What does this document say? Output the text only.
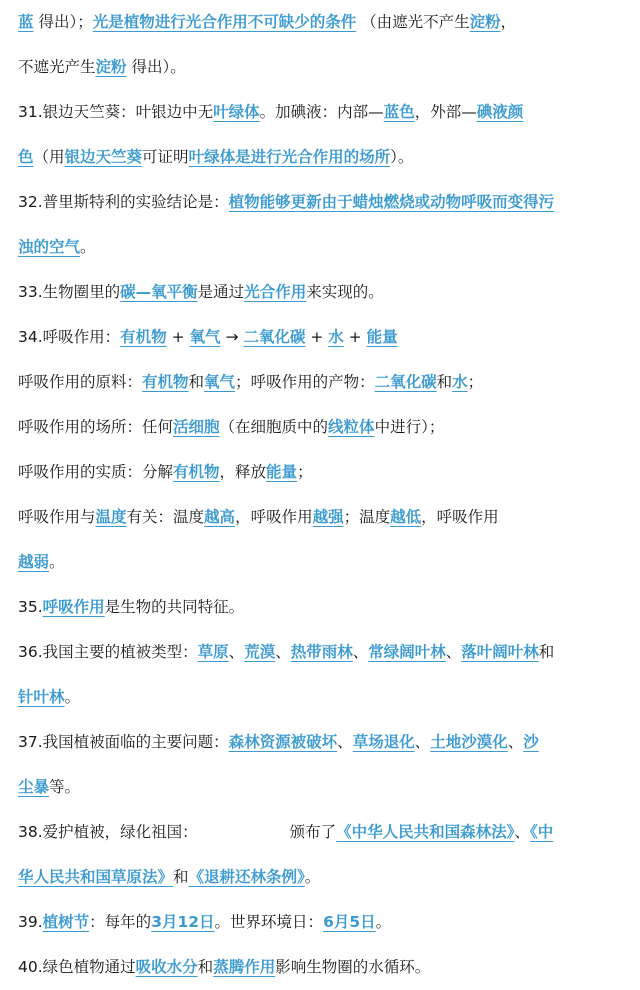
蓝 得出）；光是植物进行光合作用不可缺少的条件 （由遮光不产生淀粉，
不遮光产生淀粉 得出）。
31.银边天竺葵：叶银边中无叶绿体。加碘液：内部—蓝色，外部—碘液颜
色（用银边天竺葵可证明叶绿体是进行光合作用的场所）。
32.普里斯特利的实验结论是：植物能够更新由于蜡烛燃烧或动物呼吸而变得污
浊的空气。
33.生物圈里的碳—氧平衡是通过光合作用来实现的。
34.呼吸作用：有机物 + 氧气 → 二氧化碳 + 水 + 能量
呼吸作用的原料：有机物和氧气；呼吸作用的产物：二氧化碳和水；
呼吸作用的场所：任何活细胞（在细胞质中的线粒体中进行）；
呼吸作用的实质：分解有机物，释放能量；
呼吸作用与温度有关：温度越高，呼吸作用越强；温度越低，呼吸作用
越弱。
35.呼吸作用是生物的共同特征。
36.我国主要的植被类型：草原、荒漠、热带雨林、常绿阔叶林、落叶阔叶林和
针叶林。
37.我国植被面临的主要问题：森林资源被破坏、草场退化、土地沙漠化、沙
尘暴等。
38.爱护植被，绿化祖国：	颁布了《中华人民共和国森林法》、《中
华人民共和国草原法》和《退耕还林条例》。
39.植树节：每年的3月12日。世界环境日：6月5日。
40.绿色植物通过吸收水分和蒸腾作用影响生物圈的水循环。
